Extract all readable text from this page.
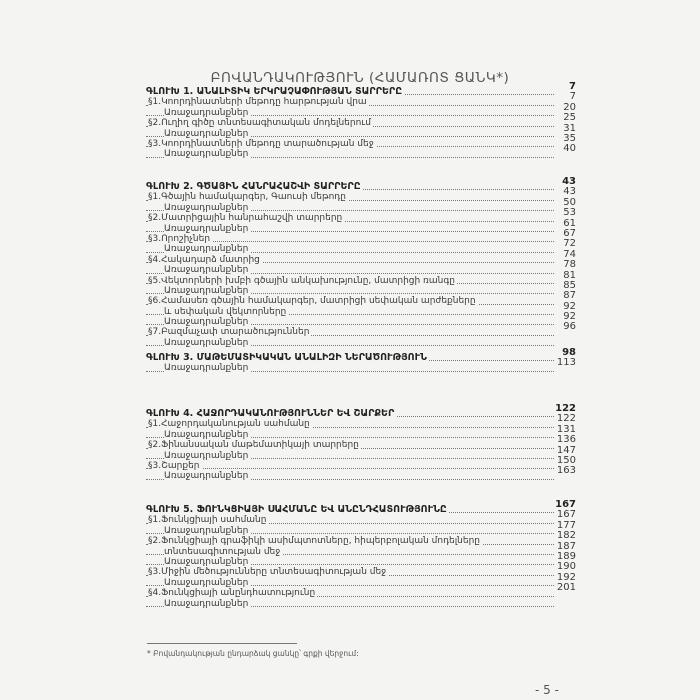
ԲՈՎԱՆԴԱԿՈՒԹՅՈՒՆ (ՀԱՄԱՌՈՏ ՑԱՆԿ*)
ԳԼՈՒԽ 1. ԱՆԱԼԻՏԻԿ ԵՐԿՐԱՉԱՓՈՒԹՅԱՆ ՏԱՐՐԵՐԸ	7
§1.Կոորդինատների մեթոդը հարթության վրա	7
Առաջադրանքներ	20
§2.Ուղիղ գիծը տնտեսագիտական մոդելներում	25
Առաջադրանքներ	31
§3.Կոորդինատների մեթոդը տարածության մեջ	35
Առաջադրանքներ	40
ԳԼՈՒԽ 2. ԳԾԱՅԻՆ ՀԱՆՐԱՀԱՇՎԻ ՏԱՐՐԵՐԸ	43
§1.Գծային համակարգեր, Գաուսի մեթոդը	43
Առաջադրանքներ	50
§2.Մատրիցային հանրահաշվի տարրերը	53
Առաջադրանքներ	61
§3.Որոշիչներ	67
Առաջադրանքներ	72
§4.Հակադարձ մատրից	74
Առաջադրանքներ	78
§5.Վեկտորների խմբի գծային անկախությունը, մատրիցի ռանգը	81
Առաջադրանքներ	85
§6.Համասեռ գծային համակարգեր, մատրիցի սեփական արժեքները	87
և սեփական վեկտորները	92
Առաջադրանքներ	92
§7.Բազմաչափ տարածություններ	96
Առաջադրանքներ
ԳԼՈՒԽ 3. ՄԱԹԵՄԱՏԻԿԱԿԱՆ ԱՆԱԼԻԶԻ ՆԵՐԱԾՈՒԹՅՈՒՆ	98
Առաջադրանքներ	113
ԳԼՈՒԽ 4. ՀԱՋՈՐԴԱԿԱՆՈՒԹՅՈՒՆՆԵՐ ԵՎ ՇԱՐՔԵՐ	122
§1.Հաջորդականության սահմանը	122
Առաջադրանքներ	131
§2.Ֆինանսական մաթեմատիկայի տարրերը	136
Առաջադրանքներ	147
§3.Շարքեր	150
Առաջադրանքներ	163
ԳԼՈՒԽ 5. ՖՈՒՆԿՑԻԱՅԻ ՍԱՀՄԱՆԸ ԵՎ ԱՆԸՆԴՀԱՏՈՒԹՅՈՒՆԸ	167
§1.Ֆունկցիայի սահմանը	167
Առաջադրանքներ	177
§2.Ֆունկցիայի գրաֆիկի ասիմպտոտները, հիպերբոլական մոդելները	182
տնտեսագիտության մեջ	187
Առաջադրանքներ	189
§3.Միջին մեծությունները տնտեսագիտության մեջ	190
Առաջադրանքներ	192
§4.Ֆունկցիայի անընդհատությունը	201
Առաջադրանքներ
* Բովանդակության ընդարձակ ցանկը՝ գրքի վերջում:
- 5 -
